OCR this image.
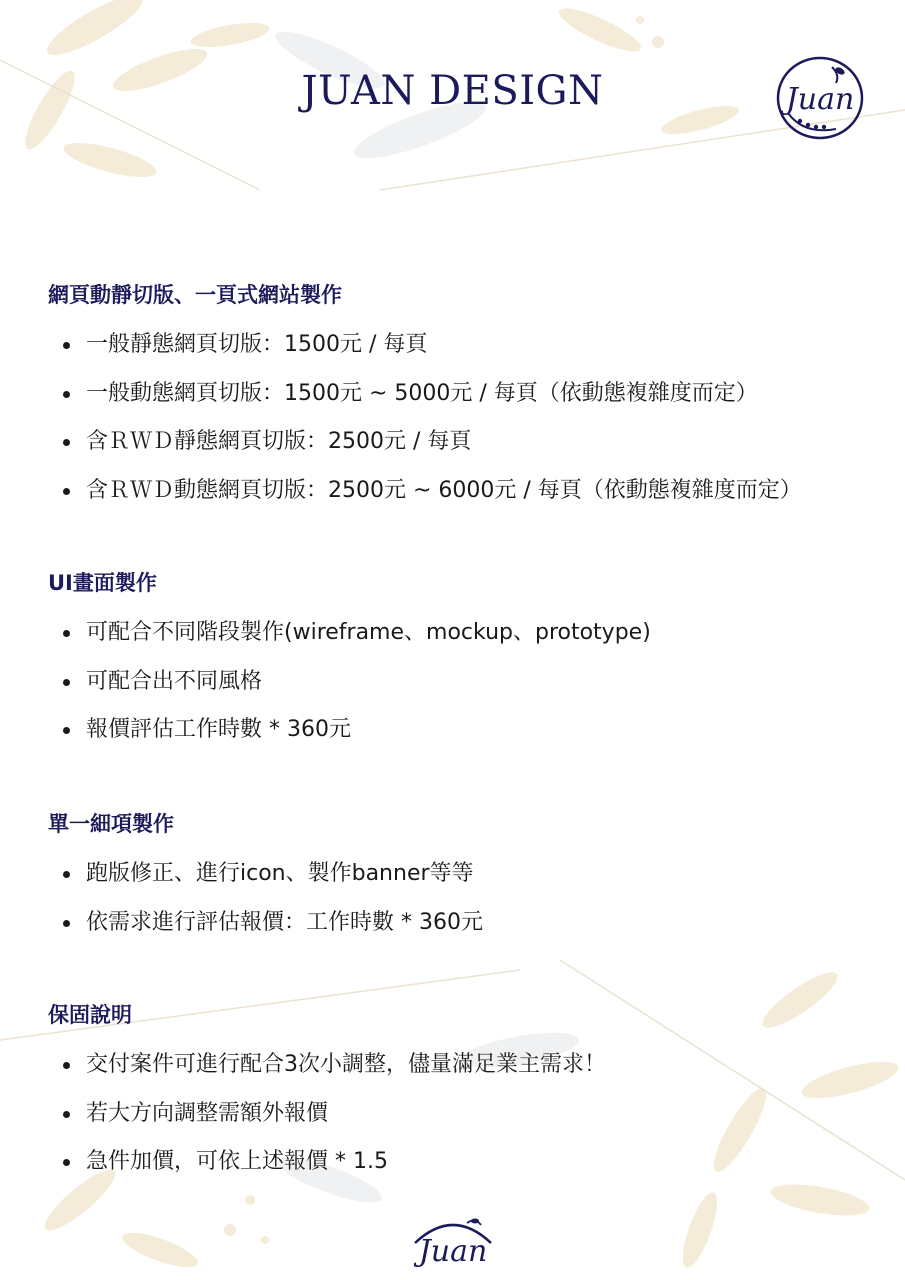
JUAN DESIGN	Juan
網頁動靜切版、一頁式網站製作
一般靜態網頁切版：1500元 / 每頁
一般動態網頁切版：1500元 ~ 5000元 / 每頁（依動態複雜度而定）
含ＲＷＤ靜態網頁切版：2500元 / 每頁
含ＲＷＤ動態網頁切版：2500元 ~ 6000元 / 每頁（依動態複雜度而定）
UI畫面製作
可配合不同階段製作(wireframe、mockup、prototype)
可配合出不同風格
報價評估工作時數 * 360元
單一細項製作
跑版修正、進行icon、製作banner等等
依需求進行評估報價：工作時數 * 360元
保固說明
交付案件可進行配合3次小調整，儘量滿足業主需求！
若大方向調整需額外報價
急件加價，可依上述報價 * 1.5
Juan
